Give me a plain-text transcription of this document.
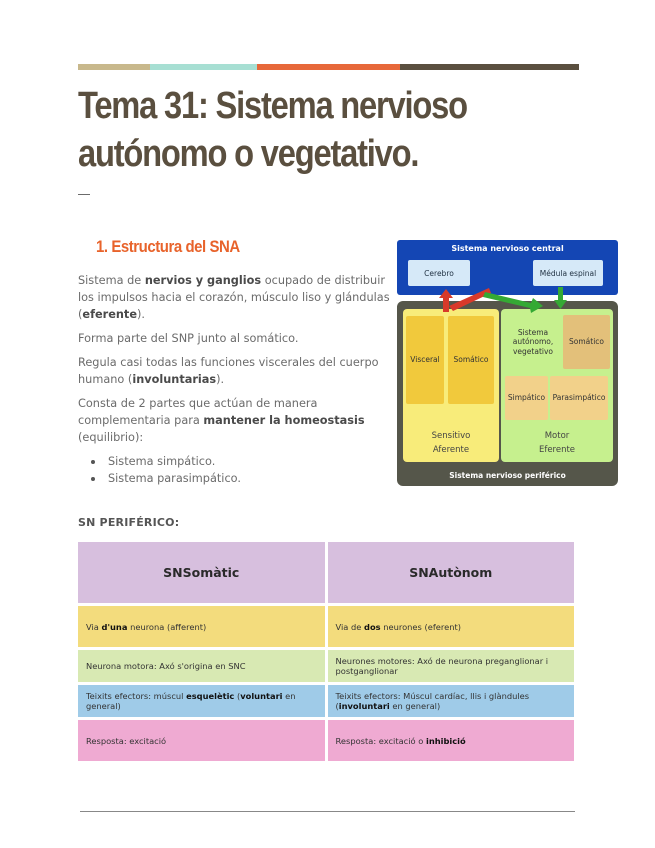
Tema 31: Sistema nervioso autónomo o vegetativo.
1. Estructura del SNA

Sistema de nervios y ganglios ocupado de distribuir los impulsos hacia el corazón, músculo liso y glándulas (eferente).

Forma parte del SNP junto al somático.

Regula casi todas las funciones viscerales del cuerpo humano (involuntarias).

Consta de 2 partes que actúan de manera complementaria para mantener la homeostasis (equilibrio):

Sistema simpático.
Sistema parasimpático.
Sistema nervioso central
Cerebro	Médula espinal
Visceral	Somático
Sistema autónomo, vegetativo
Somático
Simpático Parasimpático
Sensitivo
Aferente
Motor
Eferente
Sistema nervioso periférico
SN PERIFÉRICO:
SNSomàtic	SNAutònom
Via d'una neurona (afferent)	Via de dos neurones (eferent)
Neurona motora: Axó s'origina en SNC	Neurones motores: Axó de neurona preganglionar i postganglionar
Teixits efectors: múscul esquelètic (voluntari en general)	Teixits efectors: Múscul cardíac, llis i glàndules (involuntari en general)
Resposta: excitació	Resposta: excitació o inhibició
